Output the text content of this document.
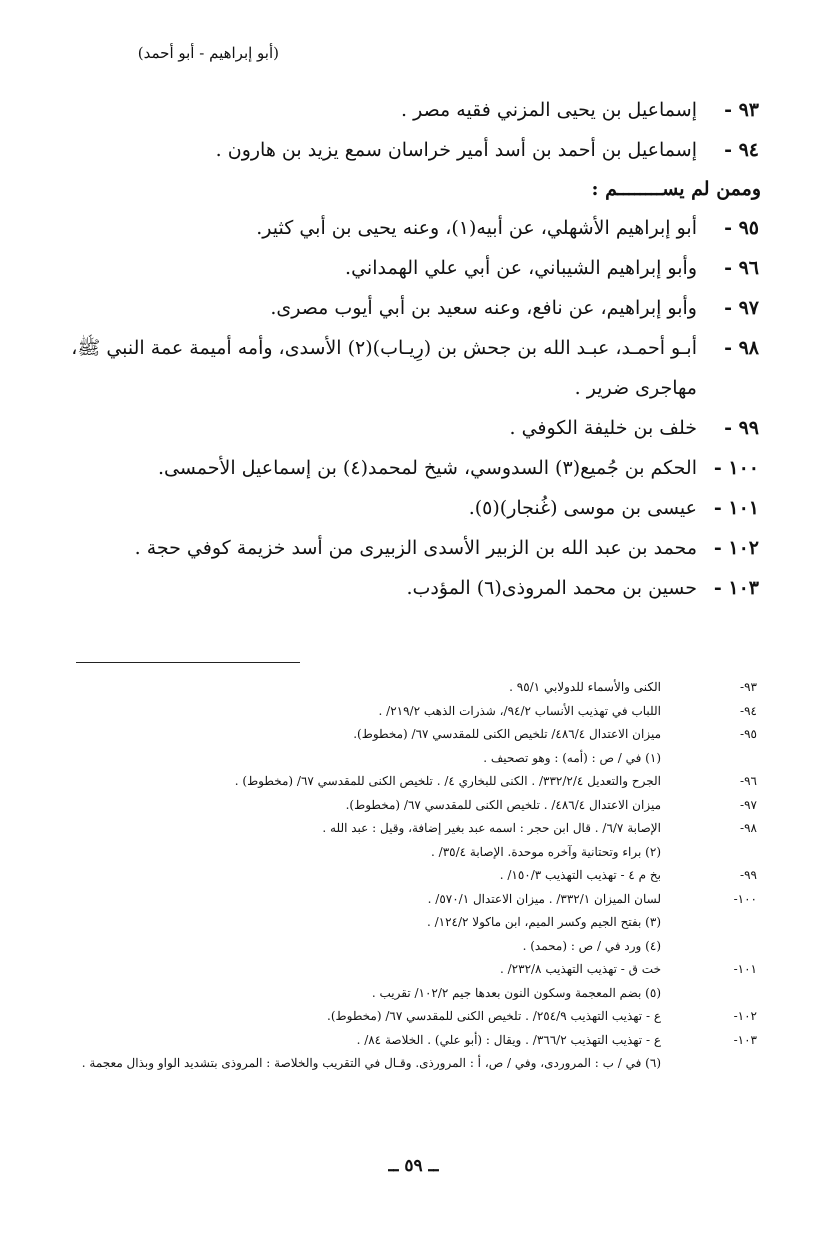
(أبو إبراهيم - أبو أحمد)
٩٣ -
إسماعيل بن يحيى المزني فقيه مصر .
٩٤ -
إسماعيل بن أحمد بن أسد أمير خراسان سمع يزيد بن هارون .
وممن لم يســــــــم :
٩٥ -
أبو إبراهيم الأشهلي، عن أبيه(١)، وعنه يحيى بن أبي كثير.
٩٦ -
وأبو إبراهيم الشيباني، عن أبي علي الهمداني.
٩٧ -
وأبو إبراهيم، عن نافع، وعنه سعيد بن أبي أيوب مصرى.
٩٨ -
أبـو أحمـد، عبـد الله بن جحش بن (رِيـاب)(٢) الأسدى، وأمه أميمة عمة النبي ﷺ، مهاجرى ضرير .
٩٩ -
خلف بن خليفة الكوفي .
١٠٠ -
الحكم بن جُميع(٣) السدوسي، شيخ لمحمد(٤) بن إسماعيل الأحمسى.
١٠١ -
عيسى بن موسى (غُنجار)(٥).
١٠٢ -
محمد بن عبد الله بن الزبير الأسدى الزبيرى من أسد خزيمة كوفي حجة .
١٠٣ -
حسين بن محمد المروذى(٦) المؤدب.
٩٣-
الكنى والأسماء للدولابي ٩٥/١ .
٩٤-
اللباب في تهذيب الأنساب ٩٤/٢/، شذرات الذهب ٢١٩/٢/ .
٩٥-
ميزان الاعتدال ٤٨٦/٤/ تلخيص الكنى للمقدسي ٦٧/ (مخطوط).
(١) في / ص : (أمه) : وهو تصحيف .
٩٦-
الجرح والتعديل ٣٣٢/٢/٤/ . الكنى للبخاري ٤/ . تلخيص الكنى للمقدسي ٦٧/ (مخطوط) .
٩٧-
ميزان الاعتدال ٤٨٦/٤/ . تلخيص الكنى للمقدسي ٦٧/ (مخطوط).
٩٨-
الإصابة ٦/٧/ . قال ابن حجر : اسمه عبد بغير إضافة، وقيل : عبد الله .
(٢) براء وتحتانية وآخره موحدة. الإصابة ٣٥/٤/ .
٩٩-
بخ م ٤ - تهذيب التهذيب ١٥٠/٣/ .
١٠٠-
لسان الميزان ٣٣٢/١/ . ميزان الاعتدال ٥٧٠/١/ .
(٣) بفتح الجيم وكسر الميم، ابن ماكولا ١٢٤/٢/ .
(٤) ورد في / ص : (محمد) .
١٠١-
خت ق - تهذيب التهذيب ٢٣٢/٨/ .
(٥) بضم المعجمة وسكون النون بعدها جيم ١٠٢/٢/ تقريب .
١٠٢-
ع - تهذيب التهذيب ٢٥٤/٩/ . تلخيص الكنى للمقدسي ٦٧/ (مخطوط).
١٠٣-
ع - تهذيب التهذيب ٣٦٦/٢/ . ويقال : (أبو علي) . الخلاصة ٨٤/ .
(٦) في / ب : المروردى، وفي / ص، أ : المرورذى. وقـال في التقريب والخلاصة : المروذى بتشديد الواو وبذال معجمة .
ــ ٥٩ ــ
